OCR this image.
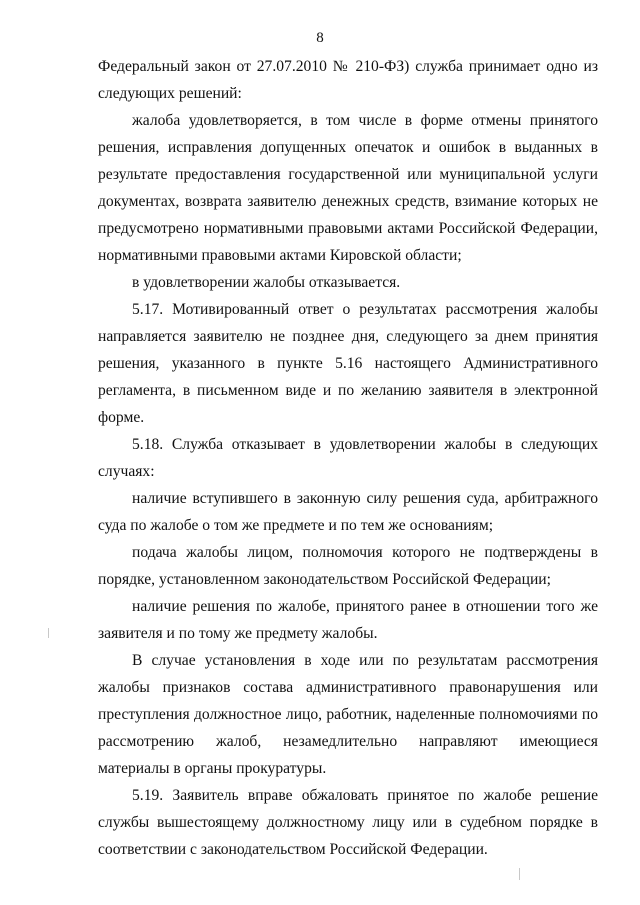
8

Федеральный закон от 27.07.2010 № 210-ФЗ) служба принимает одно из следующих решений:

жалоба удовлетворяется, в том числе в форме отмены принятого решения, исправления допущенных опечаток и ошибок в выданных в результате предоставления государственной или муниципальной услуги документах, возврата заявителю денежных средств, взимание которых не предусмотрено нормативными правовыми актами Российской Федерации, нормативными правовыми актами Кировской области;

в удовлетворении жалобы отказывается.

5.17. Мотивированный ответ о результатах рассмотрения жалобы направляется заявителю не позднее дня, следующего за днем принятия решения, указанного в пункте 5.16 настоящего Административного регламента, в письменном виде и по желанию заявителя в электронной форме.

5.18. Служба отказывает в удовлетворении жалобы в следующих случаях:

наличие вступившего в законную силу решения суда, арбитражного суда по жалобе о том же предмете и по тем же основаниям;

подача жалобы лицом, полномочия которого не подтверждены в порядке, установленном законодательством Российской Федерации;

наличие решения по жалобе, принятого ранее в отношении того же заявителя и по тому же предмету жалобы.

В случае установления в ходе или по результатам рассмотрения жалобы признаков состава административного правонарушения или преступления должностное лицо, работник, наделенные полномочиями по рассмотрению жалоб, незамедлительно направляют имеющиеся материалы в органы прокуратуры.

5.19. Заявитель вправе обжаловать принятое по жалобе решение службы вышестоящему должностному лицу или в судебном порядке в соответствии с законодательством Российской Федерации.
